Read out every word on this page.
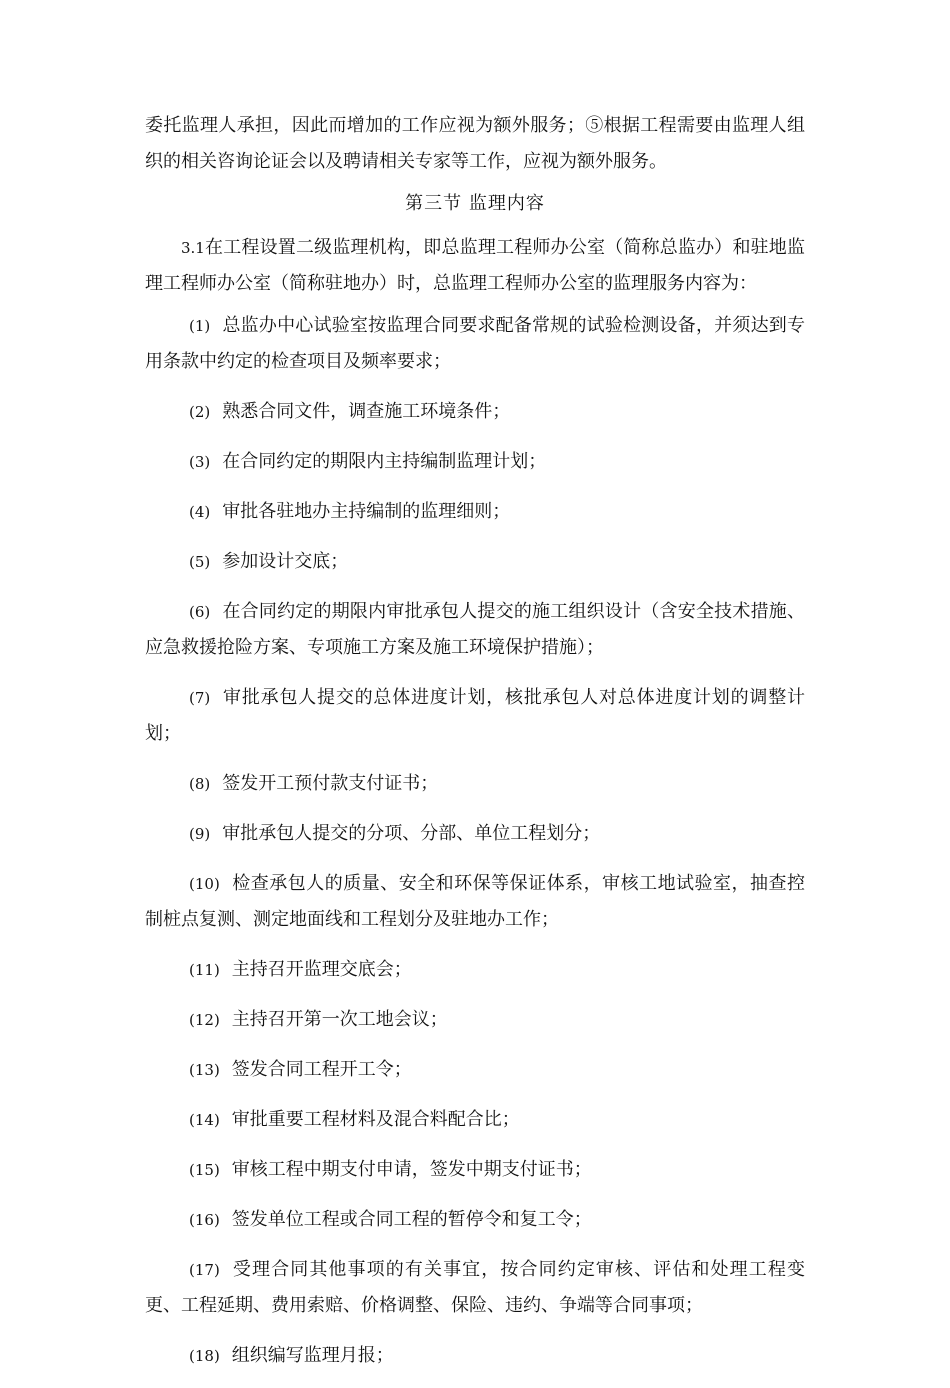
委托监理人承担，因此而增加的工作应视为额外服务；⑤根据工程需要由监理人组织的相关咨询论证会以及聘请相关专家等工作，应视为额外服务。

第三节 监理内容

3.1在工程设置二级监理机构，即总监理工程师办公室（简称总监办）和驻地监理工程师办公室（简称驻地办）时，总监理工程师办公室的监理服务内容为：

(1) 总监办中心试验室按监理合同要求配备常规的试验检测设备，并须达到专用条款中约定的检查项目及频率要求；

(2) 熟悉合同文件，调查施工环境条件；

(3) 在合同约定的期限内主持编制监理计划；

(4) 审批各驻地办主持编制的监理细则；

(5) 参加设计交底；

(6) 在合同约定的期限内审批承包人提交的施工组织设计（含安全技术措施、应急救援抢险方案、专项施工方案及施工环境保护措施）；

(7) 审批承包人提交的总体进度计划，核批承包人对总体进度计划的调整计划；

(8) 签发开工预付款支付证书；

(9) 审批承包人提交的分项、分部、单位工程划分；

(10) 检查承包人的质量、安全和环保等保证体系，审核工地试验室，抽查控制桩点复测、测定地面线和工程划分及驻地办工作；

(11) 主持召开监理交底会；

(12) 主持召开第一次工地会议；

(13) 签发合同工程开工令；

(14) 审批重要工程材料及混合料配合比；

(15) 审核工程中期支付申请，签发中期支付证书；

(16) 签发单位工程或合同工程的暂停令和复工令；

(17) 受理合同其他事项的有关事宜，按合同约定审核、评估和处理工程变更、工程延期、费用索赔、价格调整、保险、违约、争端等合同事项；

(18) 组织编写监理月报；
